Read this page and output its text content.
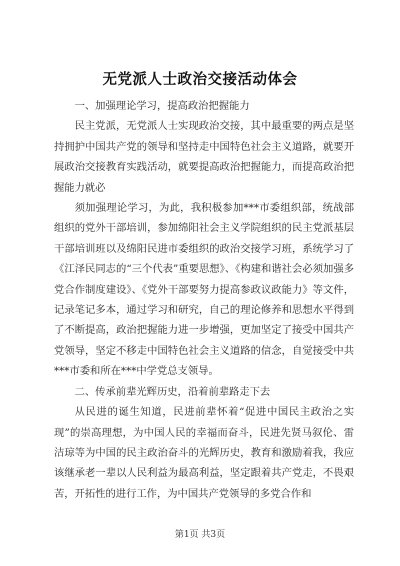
无党派人士政治交接活动体会

一、加强理论学习，提高政治把握能力

民主党派，无党派人士实现政治交接，其中最重要的两点是坚持拥护中国共产党的领导和坚持走中国特色社会主义道路，就要开展政治交接教育实践活动，就要提高政治把握能力，而提高政治把握能力就必

须加强理论学习，为此，我积极参加***市委组织部，统战部组织的党外干部培训，参加绵阳社会主义学院组织的民主党派基层干部培训班以及绵阳民进市委组织的政治交接学习班，系统学习了《江泽民同志的“三个代表”重要思想》、《构建和谐社会必须加强多党合作制度建设》、《党外干部要努力提高参政议政能力》等文件，记录笔记多本，通过学习和研究，自己的理论修养和思想水平得到了不断提高，政治把握能力进一步增强，更加坚定了接受中国共产党领导，坚定不移走中国特色社会主义道路的信念，自觉接受中共***市委和所在***中学党总支领导。

二、传承前辈光辉历史，沿着前辈路走下去

从民进的诞生知道，民进前辈怀着“促进中国民主政治之实现”的崇高理想，为中国人民的幸福而奋斗，民进先贤马叙伦、雷洁琼等为中国的民主政治奋斗的光辉历史，教育和激励着我，我应该继承老一辈以人民利益为最高利益，坚定跟着共产党走，不畏艰苦，开拓性的进行工作，为中国共产党领导的多党合作和

第1页 共3页
